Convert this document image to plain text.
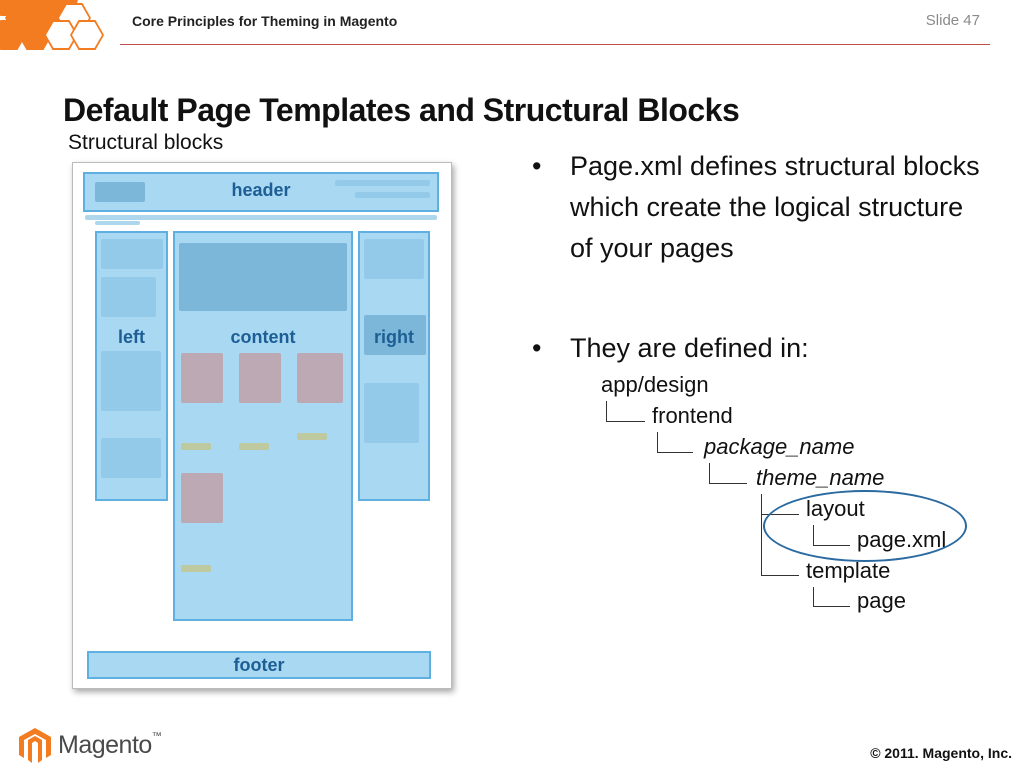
Core Principles for Theming in Magento	Slide 47
Default Page Templates and Structural Blocks
Structural blocks
header
left	content	right
footer
• Page.xml defines structural blocks which create the logical structure of your pages
• They are defined in:
app/design
frontend
package_name
theme_name
layout
page.xml
template
page
Magento™
© 2011. Magento, Inc.
